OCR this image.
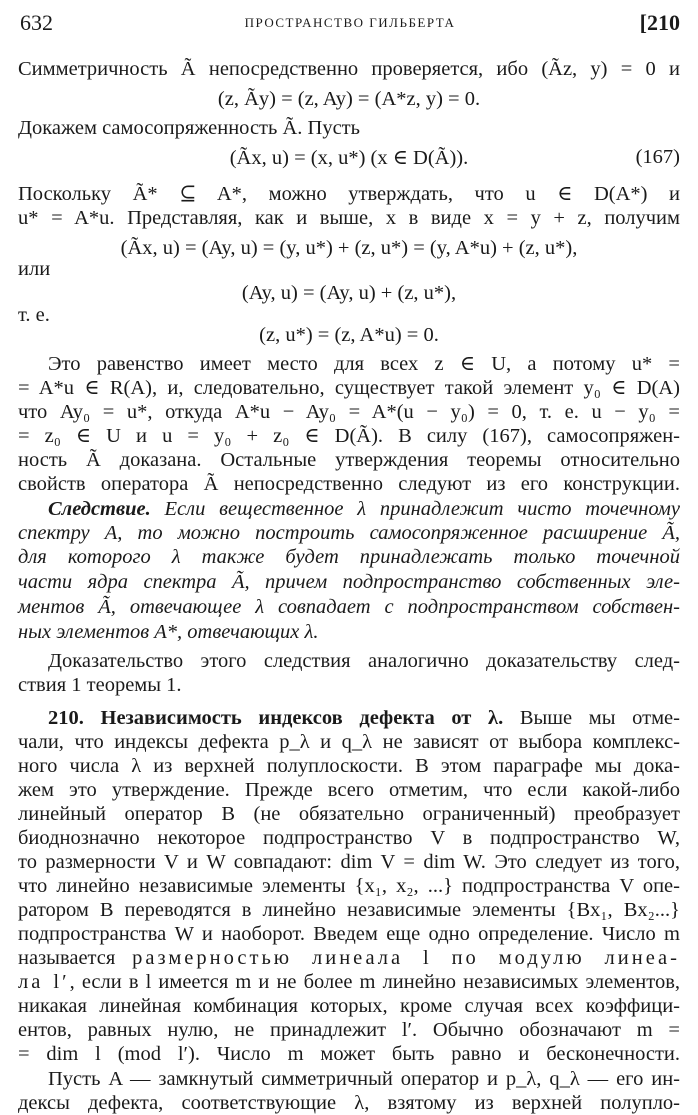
632	ПРОСТРАНСТВО ГИЛЬБЕРТА	[210
Симметричность Ã непосредственно проверяется, ибо (Ãz, y) = 0 и
(z, Ãy) = (z, Ay) = (A*z, y) = 0.
Докажем самосопряженность Ã. Пусть
(Ãx, u) = (x, u*) (x ∈ D(Ã)).	(167)
Поскольку Ã* ⊆ A*, можно утверждать, что u ∈ D(A*) и
u* = A*u. Представляя, как и выше, x в виде x = y + z, получим
(Ãx, u) = (Ay, u) = (y, u*) + (z, u*) = (y, A*u) + (z, u*),
или
(Ay, u) = (Ay, u) + (z, u*),
т. е.
(z, u*) = (z, A*u) = 0.
Это равенство имеет место для всех z ∈ U, а потому u* =
= A*u ∈ R(A), и, следовательно, существует такой элемент y₀ ∈ D(A)
что Ay₀ = u*, откуда A*u − Ay₀ = A*(u − y₀) = 0, т. е. u − y₀ =
= z₀ ∈ U и u = y₀ + z₀ ∈ D(Ã). В силу (167), самосопряжен-
ность Ã доказана. Остальные утверждения теоремы относительно
свойств оператора Ã непосредственно следуют из его конструкции.
Следствие. Если вещественное λ принадлежит чисто точечному
спектру A, то можно построить самосопряженное расширение Ã,
для которого λ также будет принадлежать только точечной
части ядра спектра Ã, причем подпространство собственных эле-
ментов Ã, отвечающее λ совпадает с подпространством собствен-
ных элементов A*, отвечающих λ.
Доказательство этого следствия аналогично доказательству след-
ствия 1 теоремы 1.
210. Независимость индексов дефекта от λ. Выше мы отме-
чали, что индексы дефекта p_λ и q_λ не зависят от выбора комплекс-
ного числа λ из верхней полуплоскости. В этом параграфе мы дока-
жем это утверждение. Прежде всего отметим, что если какой-либо
линейный оператор B (не обязательно ограниченный) преобразует
биоднозначно некоторое подпространство V в подпространство W,
то размерности V и W совпадают: dim V = dim W. Это следует из того,
что линейно независимые элементы {x₁, x₂, ...} подпространства V опе-
ратором B переводятся в линейно независимые элементы {Bx₁, Bx₂...}
подпространства W и наоборот. Введем еще одно определение. Число m
называется размерностью линеала l по модулю линеа-
ла l′, если в l имеется m и не более m линейно независимых элементов,
никакая линейная комбинация которых, кроме случая всех коэффици-
ентов, равных нулю, не принадлежит l′. Обычно обозначают m =
= dim l (mod l′). Число m может быть равно и бесконечности.
Пусть A — замкнутый симметричный оператор и p_λ, q_λ — его ин-
дексы дефекта, соответствующие λ, взятому из верхней полупло-
